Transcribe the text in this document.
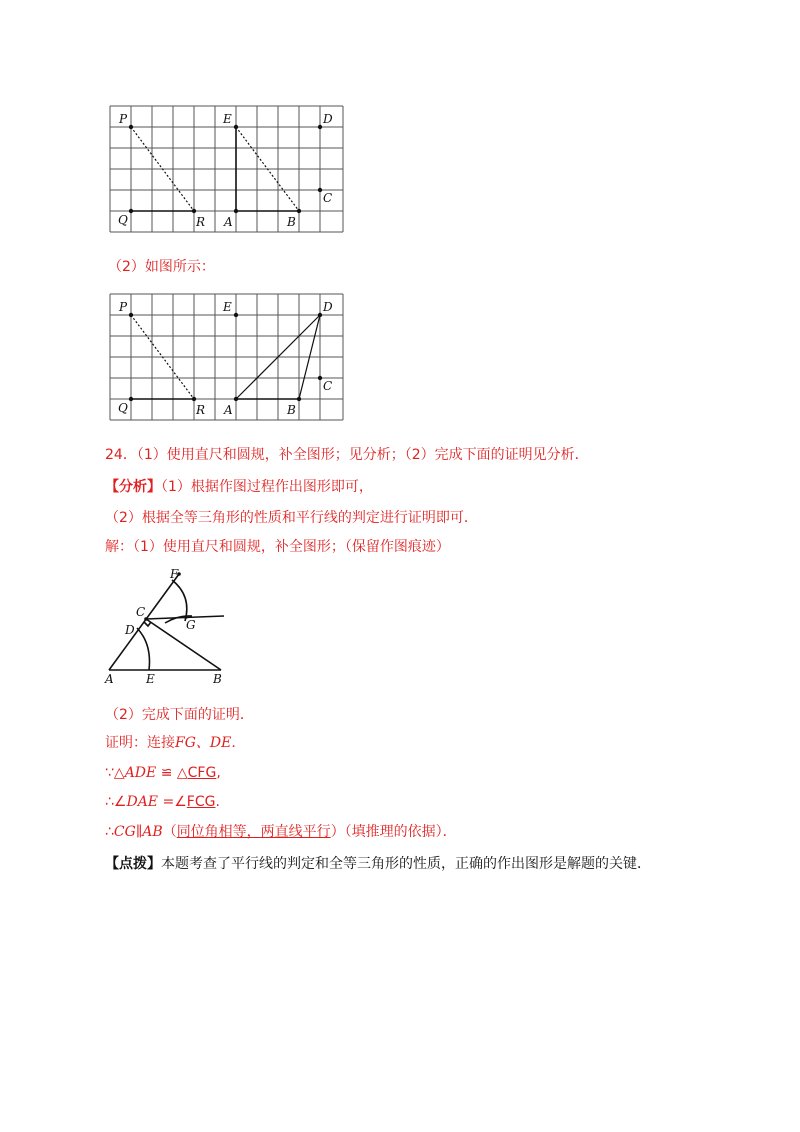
P
Q	R
E
A	B
D
C
（2）如图所示：
P
Q	R
E
A	B
D
C
24．（1）使用直尺和圆规，补全图形；见分析；（2）完成下面的证明见分析．
【分析】（1）根据作图过程作出图形即可，
（2）根据全等三角形的性质和平行线的判定进行证明即可．
解：（1）使用直尺和圆规，补全图形；（保留作图痕迹）
F
C
G
D
A	E	B
（2）完成下面的证明．
证明：连接FG、DE.
∵△ADE ≌ △CFG,
∴∠DAE =∠FCG.
∴CG∥AB（同位角相等，两直线平行）（填推理的依据）．
【点拨】本题考查了平行线的判定和全等三角形的性质，正确的作出图形是解题的关键．
